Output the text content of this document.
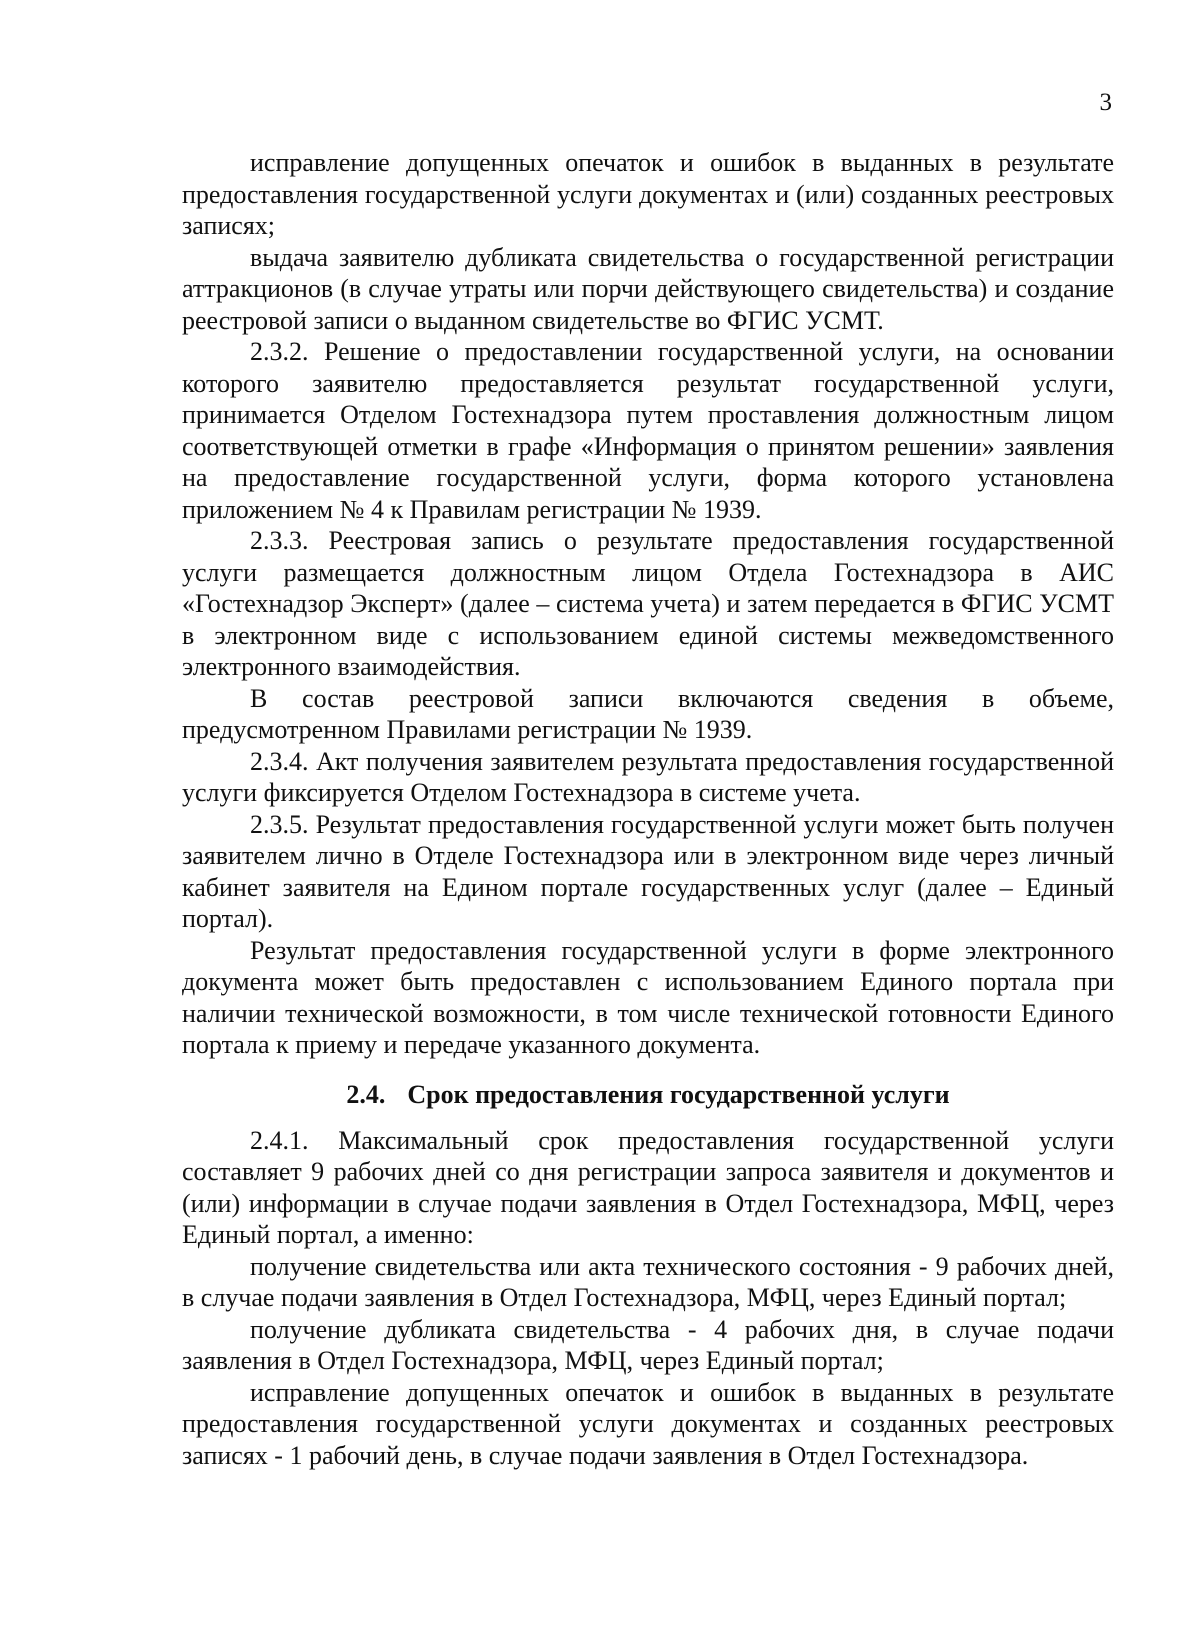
3

исправление допущенных опечаток и ошибок в выданных в результате предоставления государственной услуги документах и (или) созданных реестровых записях;

выдача заявителю дубликата свидетельства о государственной регистрации аттракционов (в случае утраты или порчи действующего свидетельства) и создание реестровой записи о выданном свидетельстве во ФГИС УСМТ.

2.3.2. Решение о предоставлении государственной услуги, на основании которого заявителю предоставляется результат государственной услуги, принимается Отделом Гостехнадзора путем проставления должностным лицом соответствующей отметки в графе «Информация о принятом решении» заявления на предоставление государственной услуги, форма которого установлена приложением № 4 к Правилам регистрации № 1939.

2.3.3. Реестровая запись о результате предоставления государственной услуги размещается должностным лицом Отдела Гостехнадзора в АИС «Гостехнадзор Эксперт» (далее – система учета) и затем передается в ФГИС УСМТ в электронном виде с использованием единой системы межведомственного электронного взаимодействия.

В состав реестровой записи включаются сведения в объеме, предусмотренном Правилами регистрации № 1939.

2.3.4. Акт получения заявителем результата предоставления государственной услуги фиксируется Отделом Гостехнадзора в системе учета.

2.3.5. Результат предоставления государственной услуги может быть получен заявителем лично в Отделе Гостехнадзора или в электронном виде через личный кабинет заявителя на Едином портале государственных услуг (далее – Единый портал).

Результат предоставления государственной услуги в форме электронного документа может быть предоставлен с использованием Единого портала при наличии технической возможности, в том числе технической готовности Единого портала к приему и передаче указанного документа.

2.4. Срок предоставления государственной услуги

2.4.1. Максимальный срок предоставления государственной услуги составляет 9 рабочих дней со дня регистрации запроса заявителя и документов и (или) информации в случае подачи заявления в Отдел Гостехнадзора, МФЦ, через Единый портал, а именно:

получение свидетельства или акта технического состояния - 9 рабочих дней, в случае подачи заявления в Отдел Гостехнадзора, МФЦ, через Единый портал;

получение дубликата свидетельства - 4 рабочих дня, в случае подачи заявления в Отдел Гостехнадзора, МФЦ, через Единый портал;

исправление допущенных опечаток и ошибок в выданных в результате предоставления государственной услуги документах и созданных реестровых записях - 1 рабочий день, в случае подачи заявления в Отдел Гостехнадзора.
